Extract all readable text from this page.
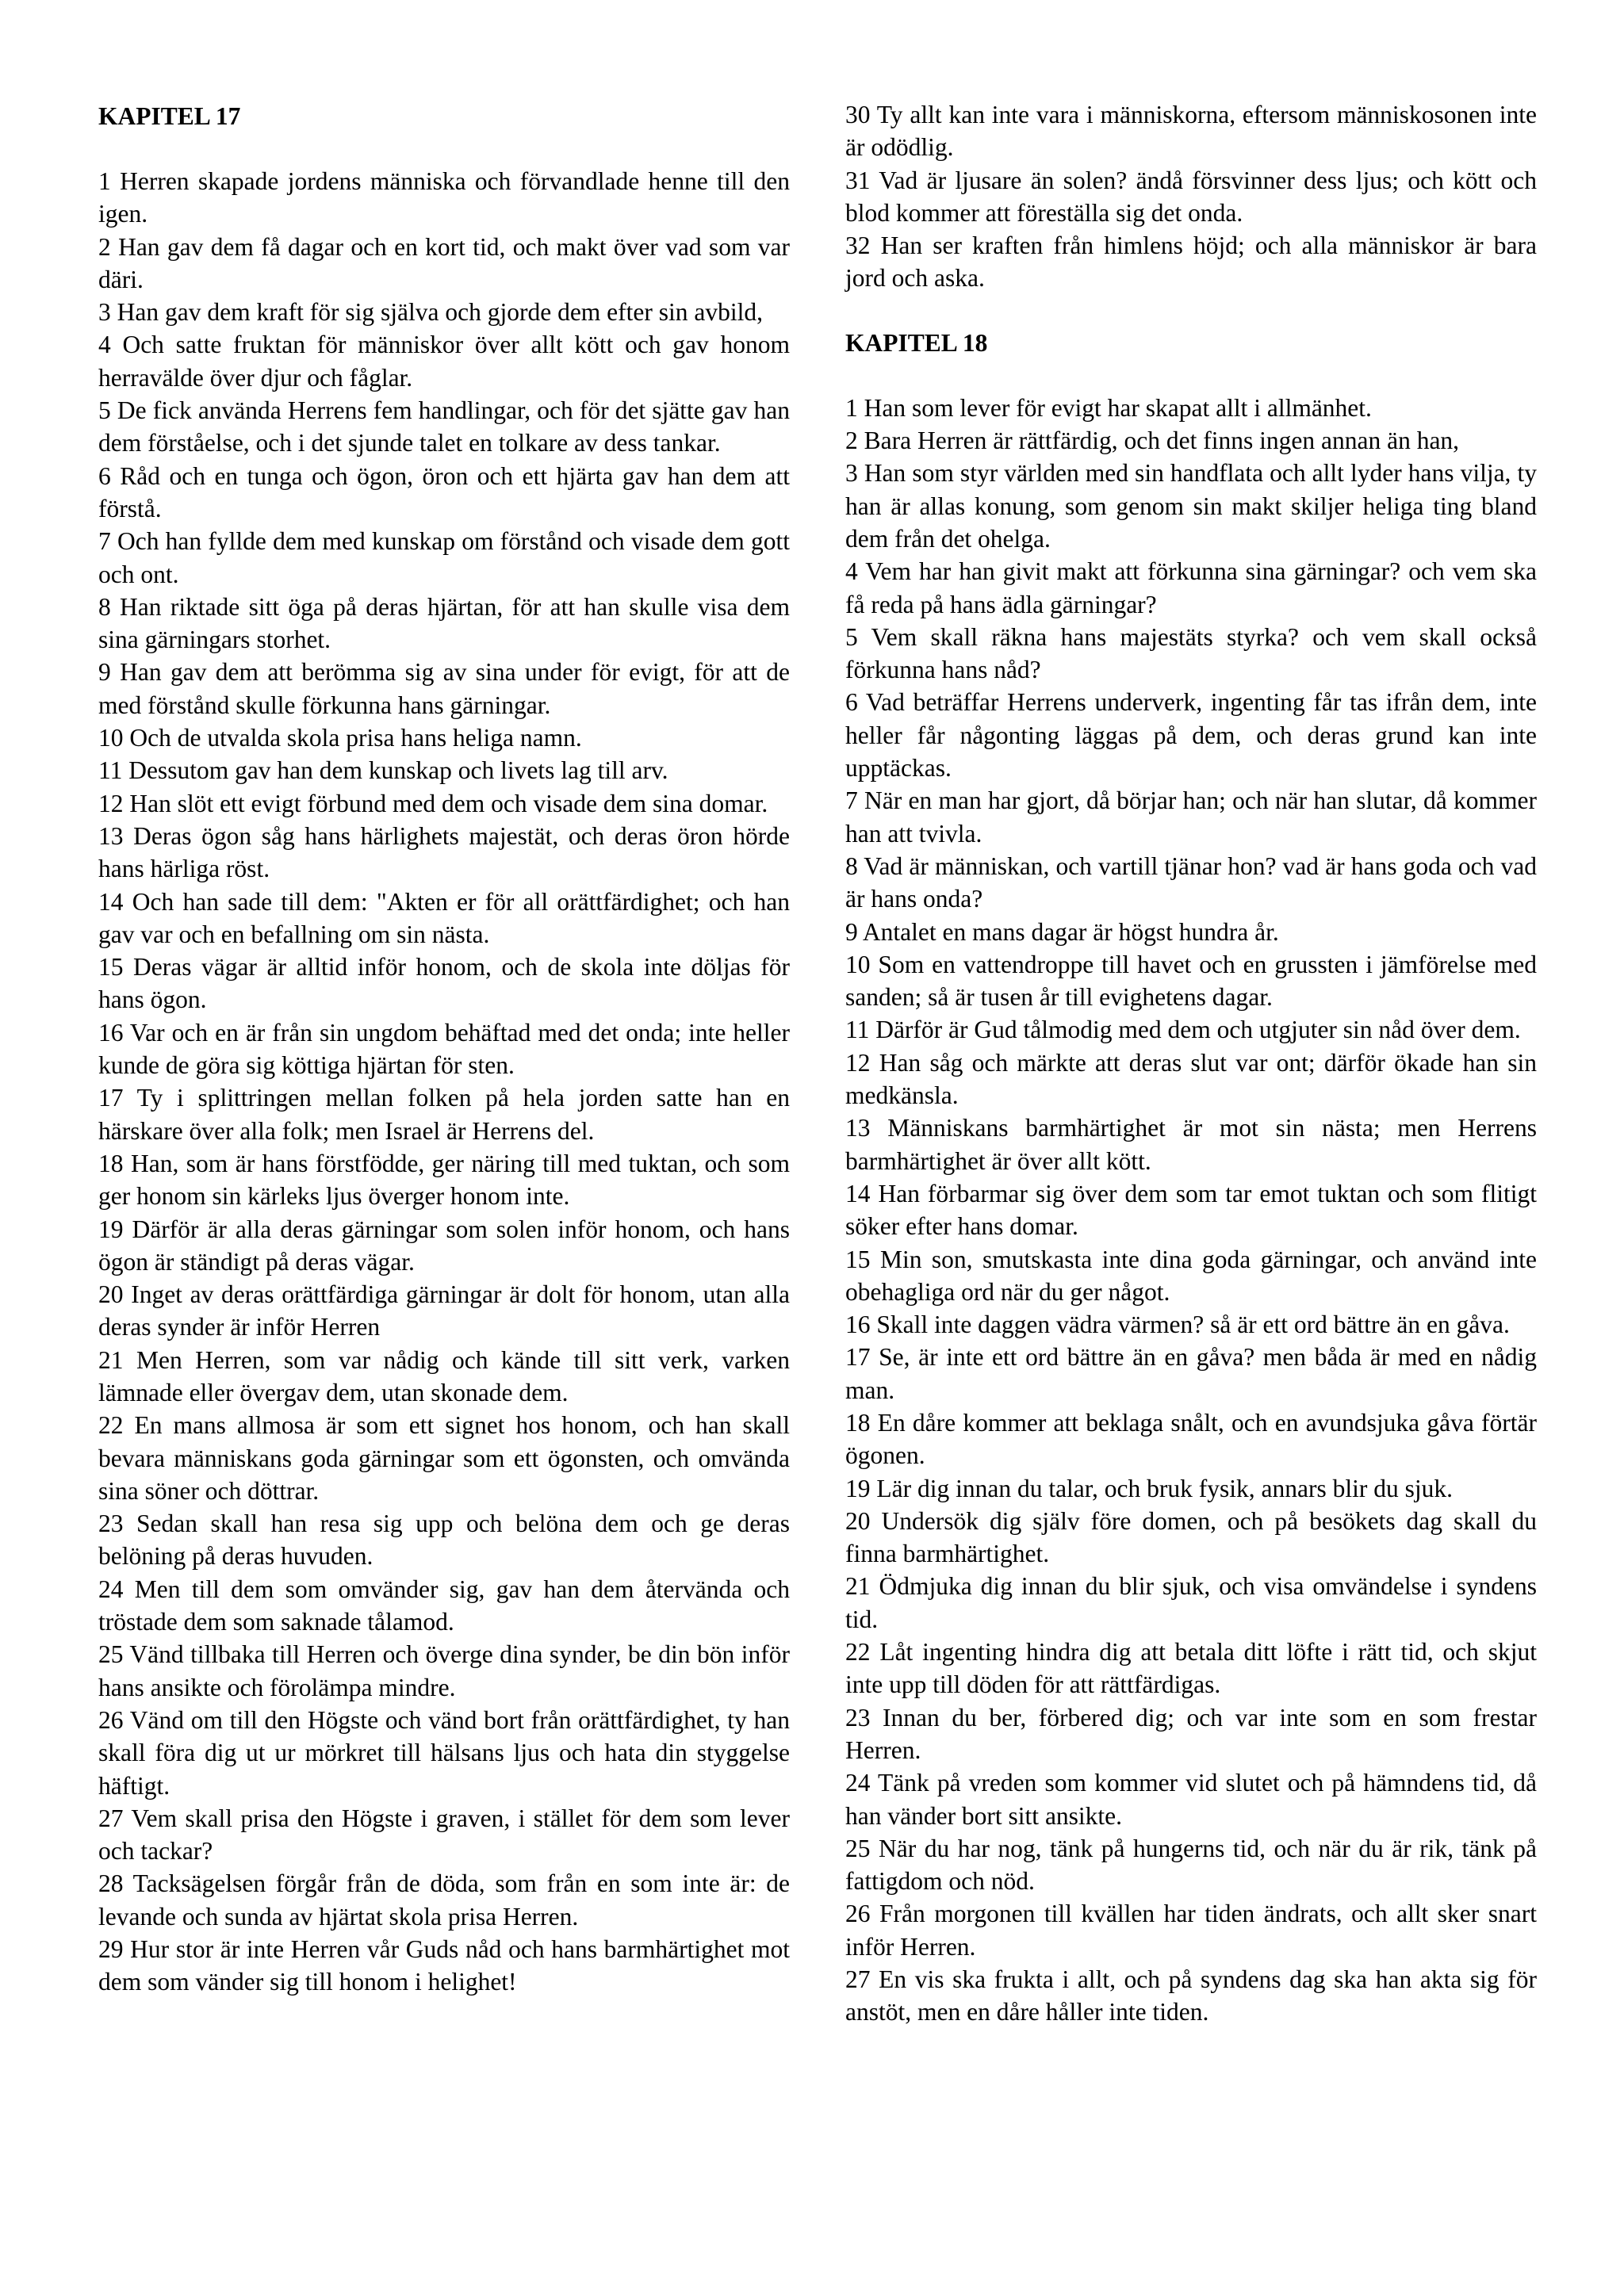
KAPITEL 17
1 Herren skapade jordens människa och förvandlade henne till den igen.
2 Han gav dem få dagar och en kort tid, och makt över vad som var däri.
3 Han gav dem kraft för sig själva och gjorde dem efter sin avbild,
4 Och satte fruktan för människor över allt kött och gav honom herravälde över djur och fåglar.
5 De fick använda Herrens fem handlingar, och för det sjätte gav han dem förståelse, och i det sjunde talet en tolkare av dess tankar.
6 Råd och en tunga och ögon, öron och ett hjärta gav han dem att förstå.
7 Och han fyllde dem med kunskap om förstånd och visade dem gott och ont.
8 Han riktade sitt öga på deras hjärtan, för att han skulle visa dem sina gärningars storhet.
9 Han gav dem att berömma sig av sina under för evigt, för att de med förstånd skulle förkunna hans gärningar.
10 Och de utvalda skola prisa hans heliga namn.
11 Dessutom gav han dem kunskap och livets lag till arv.
12 Han slöt ett evigt förbund med dem och visade dem sina domar.
13 Deras ögon såg hans härlighets majestät, och deras öron hörde hans härliga röst.
14 Och han sade till dem: "Akten er för all orättfärdighet; och han gav var och en befallning om sin nästa.
15 Deras vägar är alltid inför honom, och de skola inte döljas för hans ögon.
16 Var och en är från sin ungdom behäftad med det onda; inte heller kunde de göra sig köttiga hjärtan för sten.
17 Ty i splittringen mellan folken på hela jorden satte han en härskare över alla folk; men Israel är Herrens del.
18 Han, som är hans förstfödde, ger näring till med tuktan, och som ger honom sin kärleks ljus överger honom inte.
19 Därför är alla deras gärningar som solen inför honom, och hans ögon är ständigt på deras vägar.
20 Inget av deras orättfärdiga gärningar är dolt för honom, utan alla deras synder är inför Herren
21 Men Herren, som var nådig och kände till sitt verk, varken lämnade eller övergav dem, utan skonade dem.
22 En mans allmosa är som ett signet hos honom, och han skall bevara människans goda gärningar som ett ögonsten, och omvända sina söner och döttrar.
23 Sedan skall han resa sig upp och belöna dem och ge deras belöning på deras huvuden.
24 Men till dem som omvänder sig, gav han dem återvända och tröstade dem som saknade tålamod.
25 Vänd tillbaka till Herren och överge dina synder, be din bön inför hans ansikte och förolämpa mindre.
26 Vänd om till den Högste och vänd bort från orättfärdighet, ty han skall föra dig ut ur mörkret till hälsans ljus och hata din styggelse häftigt.
27 Vem skall prisa den Högste i graven, i stället för dem som lever och tackar?
28 Tacksägelsen förgår från de döda, som från en som inte är: de levande och sunda av hjärtat skola prisa Herren.
29 Hur stor är inte Herren vår Guds nåd och hans barmhärtighet mot dem som vänder sig till honom i helighet!
30 Ty allt kan inte vara i människorna, eftersom människosonen inte är odödlig.
31 Vad är ljusare än solen? ändå försvinner dess ljus; och kött och blod kommer att föreställa sig det onda.
32 Han ser kraften från himlens höjd; och alla människor är bara jord och aska.
KAPITEL 18
1 Han som lever för evigt har skapat allt i allmänhet.
2 Bara Herren är rättfärdig, och det finns ingen annan än han,
3 Han som styr världen med sin handflata och allt lyder hans vilja, ty han är allas konung, som genom sin makt skiljer heliga ting bland dem från det ohelga.
4 Vem har han givit makt att förkunna sina gärningar? och vem ska få reda på hans ädla gärningar?
5 Vem skall räkna hans majestäts styrka? och vem skall också förkunna hans nåd?
6 Vad beträffar Herrens underverk, ingenting får tas ifrån dem, inte heller får någonting läggas på dem, och deras grund kan inte upptäckas.
7 När en man har gjort, då börjar han; och när han slutar, då kommer han att tvivla.
8 Vad är människan, och vartill tjänar hon? vad är hans goda och vad är hans onda?
9 Antalet en mans dagar är högst hundra år.
10 Som en vattendroppe till havet och en grussten i jämförelse med sanden; så är tusen år till evighetens dagar.
11 Därför är Gud tålmodig med dem och utgjuter sin nåd över dem.
12 Han såg och märkte att deras slut var ont; därför ökade han sin medkänsla.
13 Människans barmhärtighet är mot sin nästa; men Herrens barmhärtighet är över allt kött.
14 Han förbarmar sig över dem som tar emot tuktan och som flitigt söker efter hans domar.
15 Min son, smutskasta inte dina goda gärningar, och använd inte obehagliga ord när du ger något.
16 Skall inte daggen vädra värmen? så är ett ord bättre än en gåva.
17 Se, är inte ett ord bättre än en gåva? men båda är med en nådig man.
18 En dåre kommer att beklaga snålt, och en avundsjuka gåva förtär ögonen.
19 Lär dig innan du talar, och bruk fysik, annars blir du sjuk.
20 Undersök dig själv före domen, och på besökets dag skall du finna barmhärtighet.
21 Ödmjuka dig innan du blir sjuk, och visa omvändelse i syndens tid.
22 Låt ingenting hindra dig att betala ditt löfte i rätt tid, och skjut inte upp till döden för att rättfärdigas.
23 Innan du ber, förbered dig; och var inte som en som frestar Herren.
24 Tänk på vreden som kommer vid slutet och på hämndens tid, då han vänder bort sitt ansikte.
25 När du har nog, tänk på hungerns tid, och när du är rik, tänk på fattigdom och nöd.
26 Från morgonen till kvällen har tiden ändrats, och allt sker snart inför Herren.
27 En vis ska frukta i allt, och på syndens dag ska han akta sig för anstöt, men en dåre håller inte tiden.
